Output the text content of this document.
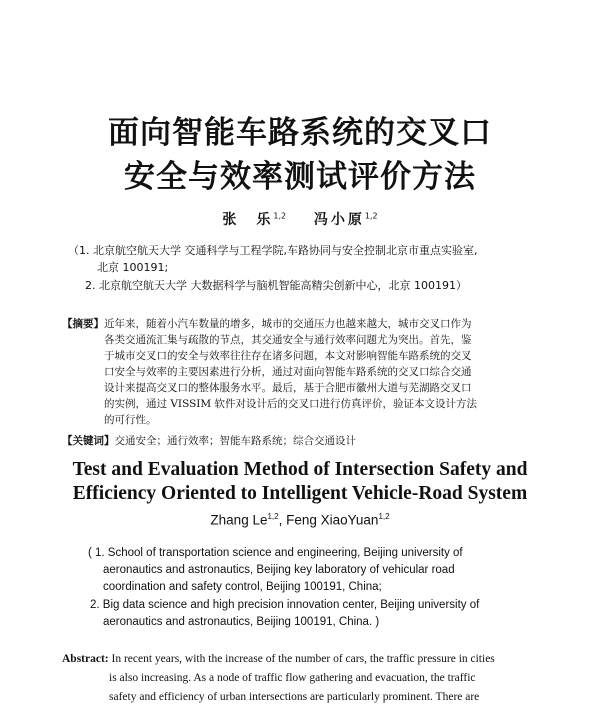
面向智能车路系统的交叉口
安全与效率测试评价方法
张　乐$^{1,2}$ 冯小原$^{1,2}$
（1. 北京航空航天大学 交通科学与工程学院,车路协同与安全控制北京市重点实验室,
北京 100191;
2. 北京航空航天大学 大数据科学与脑机智能高精尖创新中心，北京 100191）
【摘要】近年来，随着小汽车数量的增多，城市的交通压力也越来越大，城市交叉口作为
各类交通流汇集与疏散的节点，其交通安全与通行效率问题尤为突出。首先，鉴
于城市交叉口的安全与效率往往存在诸多问题，本文对影响智能车路系统的交叉
口安全与效率的主要因素进行分析，通过对面向智能车路系统的交叉口综合交通
设计来提高交叉口的整体服务水平。最后，基于合肥市徽州大道与芜湖路交叉口
的实例，通过 VISSIM 软件对设计后的交叉口进行仿真评价，验证本文设计方法
的可行性。
【关键词】交通安全；通行效率；智能车路系统；综合交通设计
Test and Evaluation Method of Intersection Safety and
Efficiency Oriented to Intelligent Vehicle-Road System
Zhang Le$^{1,2}$, Feng XiaoYuan$^{1,2}$
( 1. School of transportation science and engineering, Beijing university of
aeronautics and astronautics, Beijing key laboratory of vehicular road
coordination and safety control, Beijing 100191, China;
2. Big data science and high precision innovation center, Beijing university of
aeronautics and astronautics, Beijing 100191, China. )
Abstract: In recent years, with the increase of the number of cars, the traffic pressure in cities
is also increasing. As a node of traffic flow gathering and evacuation, the traffic
safety and efficiency of urban intersections are particularly prominent. There are
